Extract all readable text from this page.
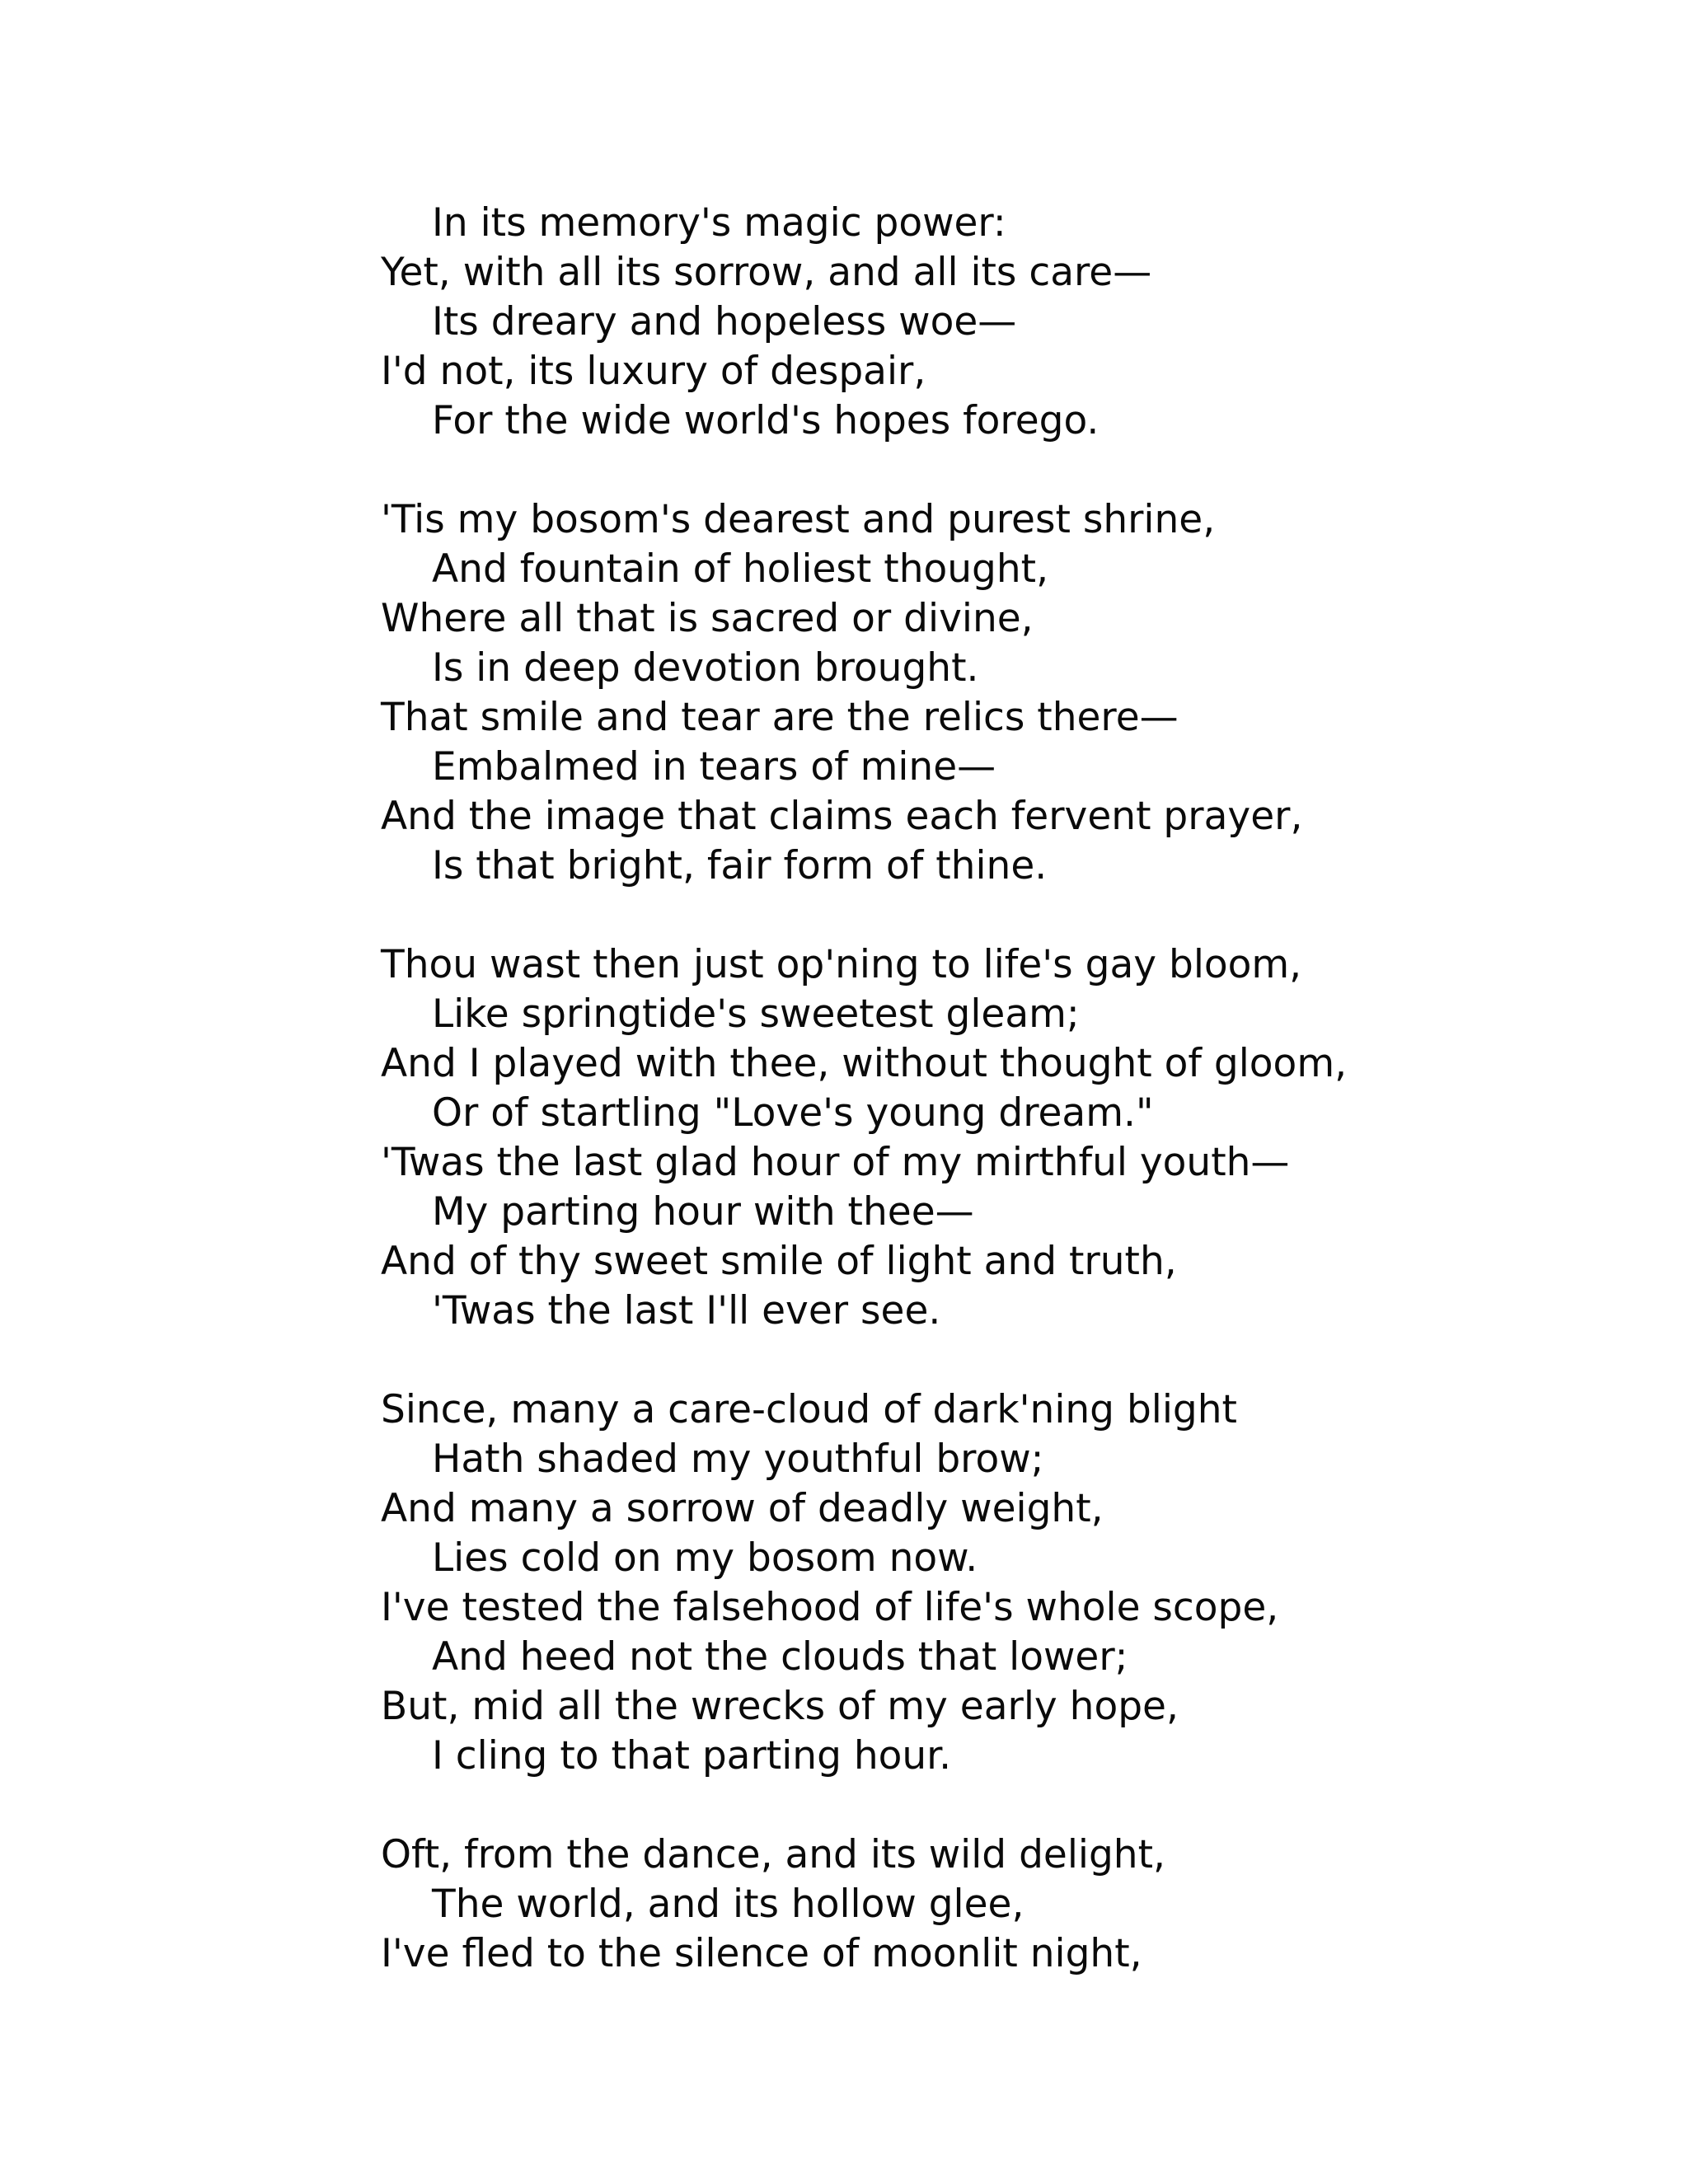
In its memory's magic power:
Yet, with all its sorrow, and all its care—
Its dreary and hopeless woe—
I'd not, its luxury of despair,
For the wide world's hopes forego.
'Tis my bosom's dearest and purest shrine,
And fountain of holiest thought,
Where all that is sacred or divine,
Is in deep devotion brought.
That smile and tear are the relics there—
Embalmed in tears of mine—
And the image that claims each fervent prayer,
Is that bright, fair form of thine.
Thou wast then just op'ning to life's gay bloom,
Like springtide's sweetest gleam;
And I played with thee, without thought of gloom,
Or of startling "Love's young dream."
'Twas the last glad hour of my mirthful youth—
My parting hour with thee—
And of thy sweet smile of light and truth,
'Twas the last I'll ever see.
Since, many a care-cloud of dark'ning blight
Hath shaded my youthful brow;
And many a sorrow of deadly weight,
Lies cold on my bosom now.
I've tested the falsehood of life's whole scope,
And heed not the clouds that lower;
But, mid all the wrecks of my early hope,
I cling to that parting hour.
Oft, from the dance, and its wild delight,
The world, and its hollow glee,
I've fled to the silence of moonlit night,
